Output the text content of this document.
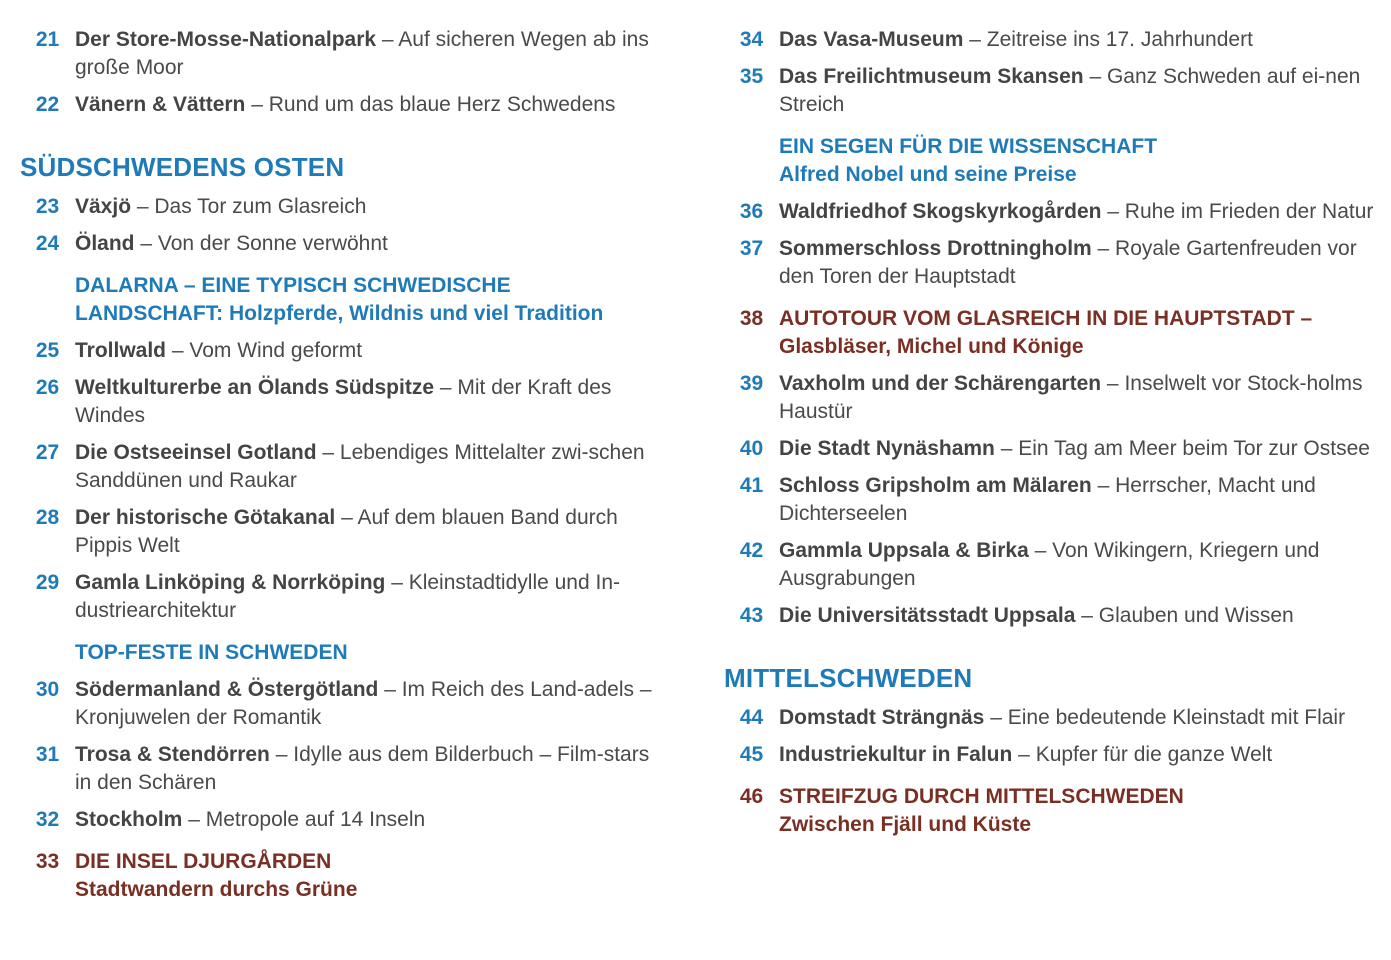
21 Der Store-Mosse-Nationalpark – Auf sicheren Wegen ab ins große Moor
22 Vänern & Vättern – Rund um das blaue Herz Schwedens
SÜDSCHWEDENS OSTEN
23 Växjö – Das Tor zum Glasreich
24 Öland – Von der Sonne verwöhnt
DALARNA – EINE TYPISCH SCHWEDISCHE
LANDSCHAFT: Holzpferde, Wildnis und viel Tradition
25 Trollwald – Vom Wind geformt
26 Weltkulturerbe an Ölands Südspitze – Mit der Kraft des Windes
27 Die Ostseeinsel Gotland – Lebendiges Mittelalter zwi-schen Sanddünen und Raukar
28 Der historische Götakanal – Auf dem blauen Band durch Pippis Welt
29 Gamla Linköping & Norrköping – Kleinstadtidylle und In-dustriearchitektur
TOP-FESTE IN SCHWEDEN
30 Södermanland & Östergötland – Im Reich des Land-adels – Kronjuwelen der Romantik
31 Trosa & Stendörren – Idylle aus dem Bilderbuch – Film-stars in den Schären
32 Stockholm – Metropole auf 14 Inseln
33 DIE INSEL DJURGÅRDEN
Stadtwandern durchs Grüne
34 Das Vasa-Museum – Zeitreise ins 17. Jahrhundert
35 Das Freilichtmuseum Skansen – Ganz Schweden auf ei-nen Streich
EIN SEGEN FÜR DIE WISSENSCHAFT
Alfred Nobel und seine Preise
36 Waldfriedhof Skogskyrkogården – Ruhe im Frieden der Natur
37 Sommerschloss Drottningholm – Royale Gartenfreuden vor den Toren der Hauptstadt
38 AUTOTOUR VOM GLASREICH IN DIE HAUPTSTADT –
Glasbläser, Michel und Könige
39 Vaxholm und der Schärengarten – Inselwelt vor Stock-holms Haustür
40 Die Stadt Nynäshamn – Ein Tag am Meer beim Tor zur Ostsee
41 Schloss Gripsholm am Mälaren – Herrscher, Macht und Dichterseelen
42 Gammla Uppsala & Birka – Von Wikingern, Kriegern und Ausgrabungen
43 Die Universitätsstadt Uppsala – Glauben und Wissen
MITTELSCHWEDEN
44 Domstadt Strängnäs – Eine bedeutende Kleinstadt mit Flair
45 Industriekultur in Falun – Kupfer für die ganze Welt
46 STREIFZUG DURCH MITTELSCHWEDEN
Zwischen Fjäll und Küste
